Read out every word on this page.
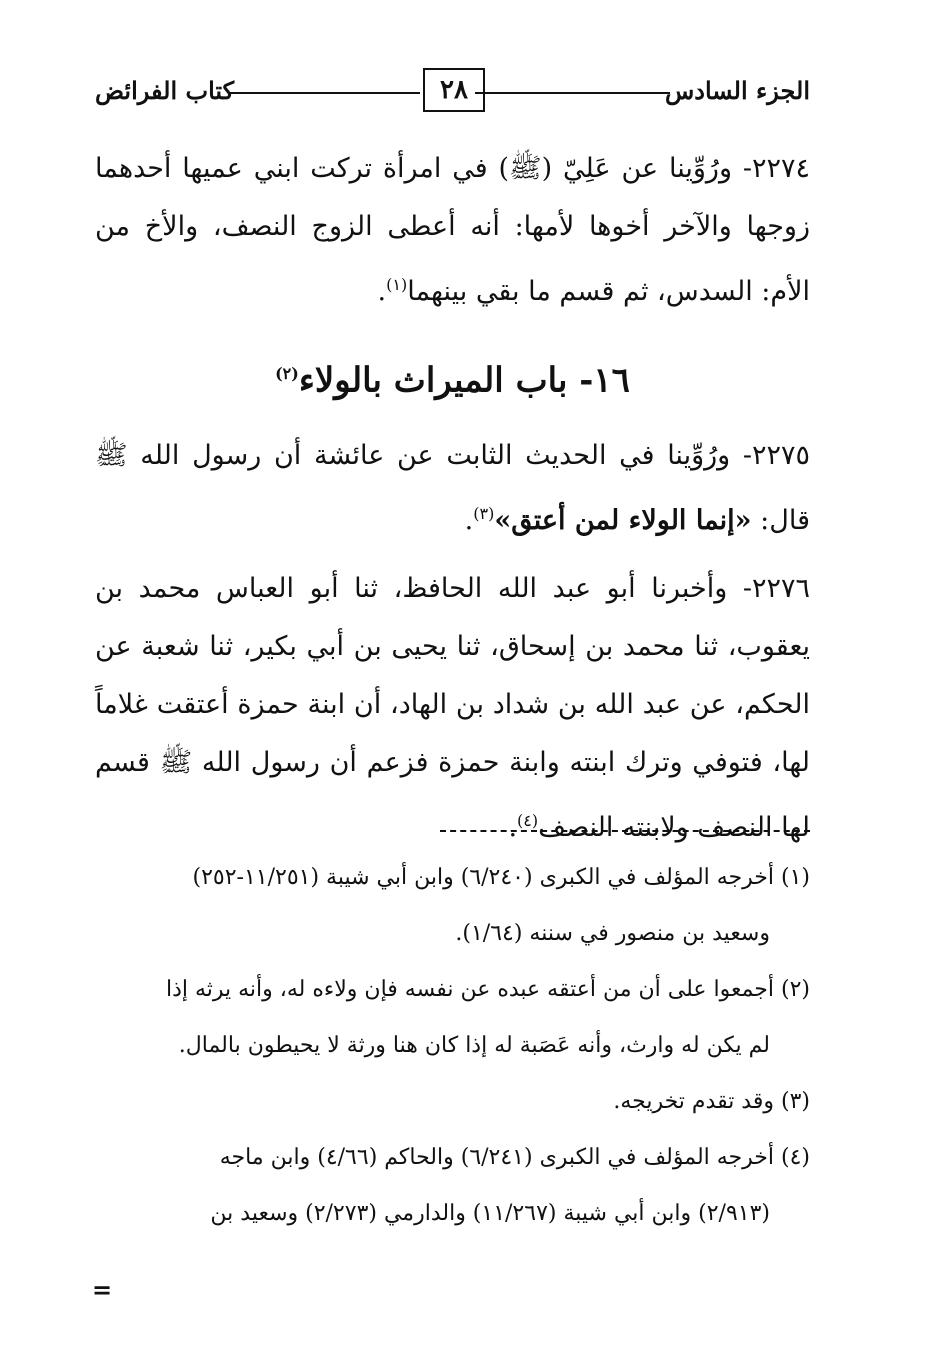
الجزء السادس
٢٨
كتاب الفرائض

٢٢٧٤- ورُوِّينا عن عَلِيّ (ﷺ) في امرأة تركت ابني عميها أحدهما زوجها والآخر أخوها لأمها: أنه أعطى الزوج النصف، والأخ من الأم: السدس، ثم قسم ما بقي بينهما$^{(١)}$.

١٦- باب الميراث بالولاء$^{(٢)}$

٢٢٧٥- ورُوِّينا في الحديث الثابت عن عائشة أن رسول الله ﷺ قال: «إنما الولاء لمن أعتق»$^{(٣)}$.

٢٢٧٦- وأخبرنا أبو عبد الله الحافظ، ثنا أبو العباس محمد بن يعقوب، ثنا محمد بن إسحاق، ثنا يحيى بن أبي بكير، ثنا شعبة عن الحكم، عن عبد الله بن شداد بن الهاد، أن ابنة حمزة أعتقت غلاماً لها، فتوفي وترك ابنته وابنة حمزة فزعم أن رسول الله ﷺ قسم لها النصف ولابنته النصف$^{(٤)}$.

(١) أخرجه المؤلف في الكبرى (٦/٢٤٠) وابن أبي شيبة (١١/٢٥١-٢٥٢)
وسعيد بن منصور في سننه (١/٦٤).

(٢) أجمعوا على أن من أعتقه عبده عن نفسه فإن ولاءه له، وأنه يرثه إذا
لم يكن له وارث، وأنه عَصَبة له إذا كان هنا ورثة لا يحيطون بالمال.

(٣) وقد تقدم تخريجه.

(٤) أخرجه المؤلف في الكبرى (٦/٢٤١) والحاكم (٤/٦٦) وابن ماجه
(٢/٩١٣) وابن أبي شيبة (١١/٢٦٧) والدارمي (٢/٢٧٣) وسعيد بن

=
